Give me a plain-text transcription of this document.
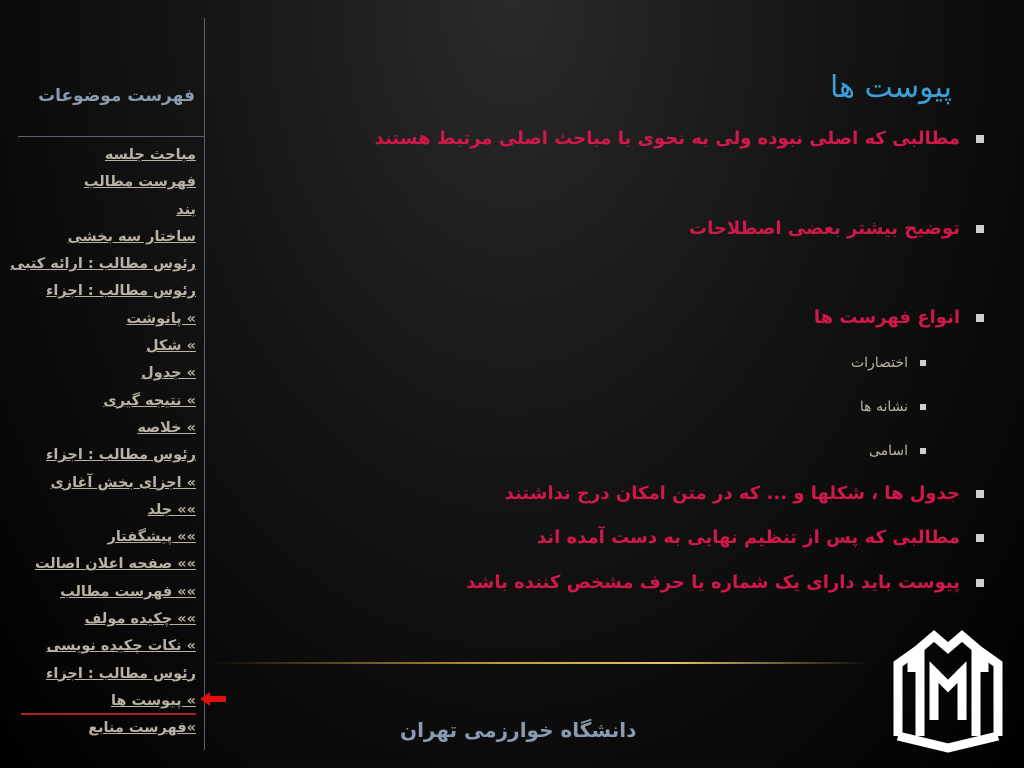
فهرست موضوعات
مباحث جلسه
فهرست مطالب
بند
ساختار سه بخشی
رئوس مطالب : ارائه کتبی
رئوس مطالب : اجزاء
» پانوشت
» شکل
» جدول
» نتیجه گیری
» خلاصه
رئوس مطالب : اجزاء
» اجزای بخش آغازی
»» جلد
»» پیشگفتار
»» صفحه اعلان اصالت
»» فهرست مطالب
»» چکیده مولف
» نکات چکیده نویسی
رئوس مطالب : اجزاء
» پیوست ها
»فهرست منابع
پیوست ها
مطالبی که اصلی نبوده ولی به نحوی با مباحث اصلی مرتبط هستند
توضیح بیشتر بعضی اصطلاحات
انواع فهرست ها
اختصارات
نشانه ها
اسامی
جدول ها ، شکلها و ... که در متن امکان درج نداشتند
مطالبی که پس از تنظیم نهایی به دست آمده اند
پیوست باید دارای یک شماره یا حرف مشخص کننده باشد
دانشگاه خوارزمی تهران
